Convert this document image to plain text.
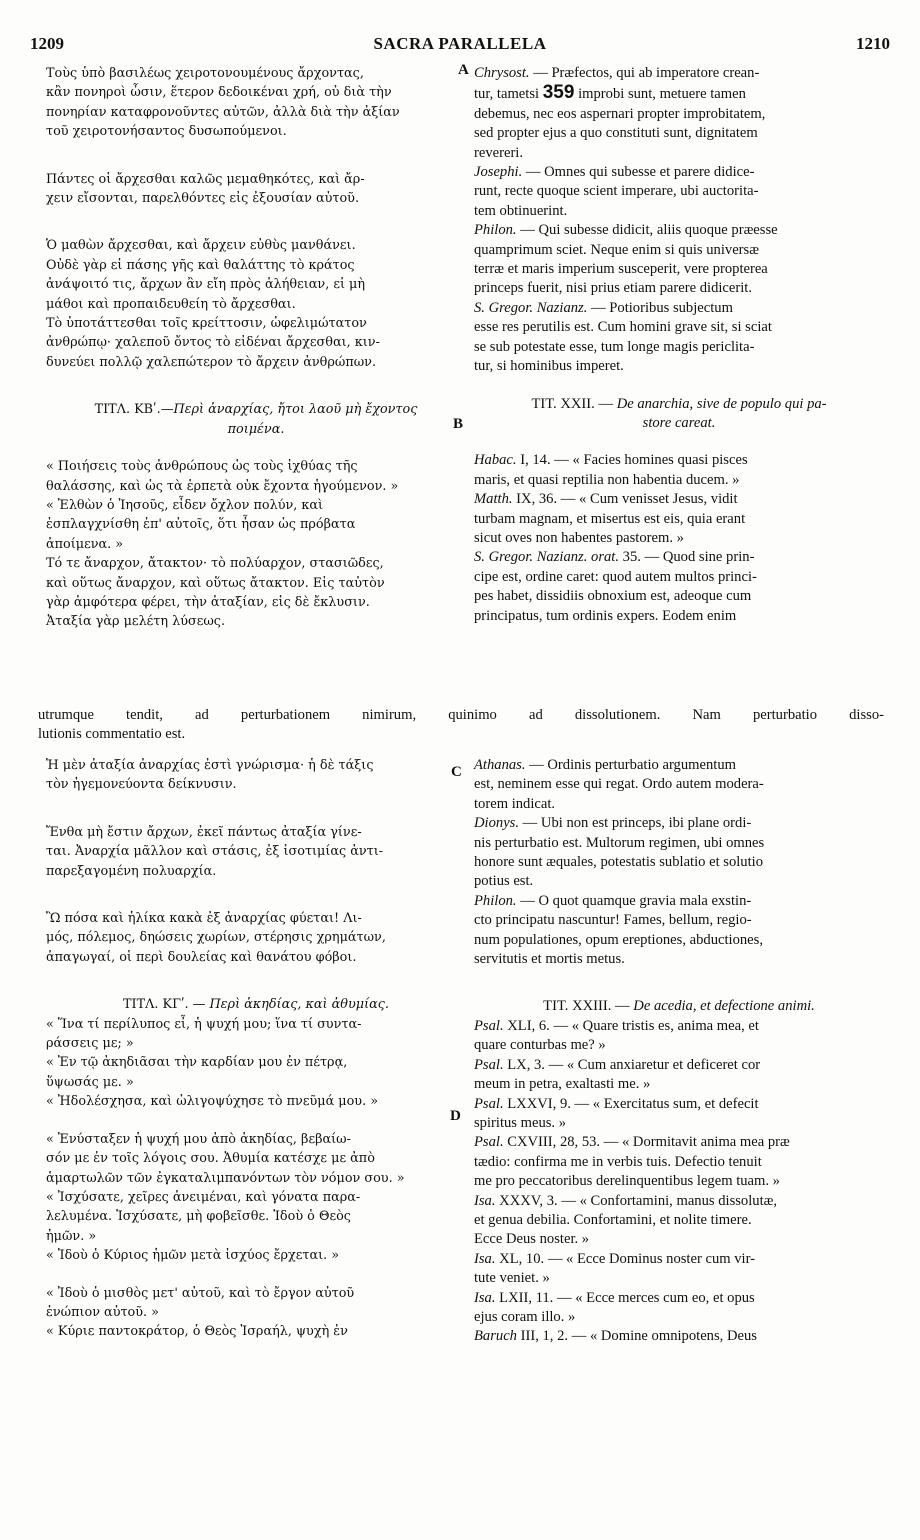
1209	SACRA PARALLELA	1210
A
B
C
D
Τοὺς ὑπὸ βασιλέως χειροτονουμένους ἄρχοντας,
κἂν πονηροὶ ὦσιν, ἕτερον δεδοικέναι χρή, οὐ διὰ τὴν
πονηρίαν καταφρονοῦντες αὐτῶν, ἀλλὰ διὰ τὴν ἀξίαν
τοῦ χειροτονήσαντος δυσωπούμενοι.
Πάντες οἱ ἄρχεσθαι καλῶς μεμαθηκότες, καὶ ἄρ-
χειν εἴσονται, παρελθόντες εἰς ἐξουσίαν αὐτοῦ.
Ὁ μαθὼν ἄρχεσθαι, καὶ ἄρχειν εὐθὺς μανθάνει.
Οὐδὲ γὰρ εἰ πάσης γῆς καὶ θαλάττης τὸ κράτος
ἀνάψοιτό τις, ἄρχων ἂν εἴη πρὸς ἀλήθειαν, εἰ μὴ
μάθοι καὶ προπαιδευθείη τὸ ἄρχεσθαι.
Τὸ ὑποτάττεσθαι τοῖς κρείττοσιν, ὠφελιμώτατον
ἀνθρώπῳ· χαλεποῦ ὄντος τὸ εἰδέναι ἄρχεσθαι, κιν-
δυνεύει πολλῷ χαλεπώτερον τὸ ἄρχειν ἀνθρώπων.
ΤΙΤΛ. ΚΒʹ.—Περὶ ἀναρχίας, ἤτοι λαοῦ μὴ ἔχοντος
ποιμένα.
« Ποιήσεις τοὺς ἀνθρώπους ὡς τοὺς ἰχθύας τῆς
θαλάσσης, καὶ ὡς τὰ ἑρπετὰ οὐκ ἔχοντα ἡγούμενον. »
« Ἐλθὼν ὁ Ἰησοῦς, εἶδεν ὄχλον πολύν, καὶ
ἐσπλαγχνίσθη ἐπ' αὐτοῖς, ὅτι ἦσαν ὡς πρόβατα
ἀποίμενα. »
Τό τε ἄναρχον, ἄτακτον· τὸ πολύαρχον, στασιῶδες,
καὶ οὕτως ἄναρχον, καὶ οὕτως ἄτακτον. Εἰς ταὐτὸν
γὰρ ἀμφότερα φέρει, τὴν ἀταξίαν, εἰς δὲ ἔκλυσιν.
Ἀταξία γὰρ μελέτη λύσεως.
Chrysost. — Præfectos, qui ab imperatore crean-
tur, tametsi 359 improbi sunt, metuere tamen
debemus, nec eos aspernari propter improbitatem,
sed propter ejus a quo constituti sunt, dignitatem
revereri.
Josephi. — Omnes qui subesse et parere didice-
runt, recte quoque scient imperare, ubi auctorita-
tem obtinuerint.
Philon. — Qui subesse didicit, aliis quoque præesse
quamprimum sciet. Neque enim si quis universæ
terræ et maris imperium susceperit, vere propterea
princeps fuerit, nisi prius etiam parere didicerit.
S. Gregor. Nazianz. — Potioribus subjectum
esse res perutilis est. Cum homini grave sit, si sciat
se sub potestate esse, tum longe magis periclita-
tur, si hominibus imperet.
TIT. XXII. — De anarchia, sive de populo qui pa-
store careat.
Habac. I, 14. — « Facies homines quasi pisces
maris, et quasi reptilia non habentia ducem. »
Matth. IX, 36. — « Cum venisset Jesus, vidit
turbam magnam, et misertus est eis, quia erant
sicut oves non habentes pastorem. »
S. Gregor. Nazianz. orat. 35. — Quod sine prin-
cipe est, ordine caret: quod autem multos princi-
pes habet, dissidiis obnoxium est, adeoque cum
principatus, tum ordinis expers. Eodem enim
utrumque tendit, ad perturbationem nimirum, quinimo ad dissolutionem. Nam perturbatio disso-
lutionis commentatio est.
Ἡ μὲν ἀταξία ἀναρχίας ἐστὶ γνώρισμα· ἡ δὲ τάξις
τὸν ἡγεμονεύοντα δείκνυσιν.
Ἔνθα μὴ ἔστιν ἄρχων, ἐκεῖ πάντως ἀταξία γίνε-
ται. Ἀναρχία μᾶλλον καὶ στάσις, ἐξ ἰσοτιμίας ἀντι-
παρεξαγομένη πολυαρχία.
Ὢ πόσα καὶ ἡλίκα κακὰ ἐξ ἀναρχίας φύεται! Λι-
μός, πόλεμος, δηώσεις χωρίων, στέρησις χρημάτων,
ἀπαγωγαί, οἱ περὶ δουλείας καὶ θανάτου φόβοι.
ΤΙΤΛ. ΚΓʹ. — Περὶ ἀκηδίας, καὶ ἀθυμίας.
« Ἵνα τί περίλυπος εἶ, ἡ ψυχή μου; ἵνα τί συντα-
ράσσεις με; »
« Ἐν τῷ ἀκηδιᾶσαι τὴν καρδίαν μου ἐν πέτρᾳ,
ὕψωσάς με. »
« Ἠδολέσχησα, καὶ ὠλιγοψύχησε τὸ πνεῦμά μου. »
« Ἐνύσταξεν ἡ ψυχή μου ἀπὸ ἀκηδίας, βεβαίω-
σόν με ἐν τοῖς λόγοις σου. Ἀθυμία κατέσχε με ἀπὸ
ἁμαρτωλῶν τῶν ἐγκαταλιμπανόντων τὸν νόμον σου. »
« Ἰσχύσατε, χεῖρες ἀνειμέναι, καὶ γόνατα παρα-
λελυμένα. Ἰσχύσατε, μὴ φοβεῖσθε. Ἰδοὺ ὁ Θεὸς
ἡμῶν. »
« Ἰδοὺ ὁ Κύριος ἡμῶν μετὰ ἰσχύος ἔρχεται. »
« Ἰδοὺ ὁ μισθὸς μετ' αὐτοῦ, καὶ τὸ ἔργον αὐτοῦ
ἐνώπιον αὐτοῦ. »
« Κύριε παντοκράτορ, ὁ Θεὸς Ἰσραήλ, ψυχὴ ἐν
Athanas. — Ordinis perturbatio argumentum
est, neminem esse qui regat. Ordo autem modera-
torem indicat.
Dionys. — Ubi non est princeps, ibi plane ordi-
nis perturbatio est. Multorum regimen, ubi omnes
honore sunt æquales, potestatis sublatio et solutio
potius est.
Philon. — O quot quamque gravia mala exstin-
cto principatu nascuntur! Fames, bellum, regio-
num populationes, opum ereptiones, abductiones,
servitutis et mortis metus.
TIT. XXIII. — De acedia, et defectione animi.
Psal. XLI, 6. — « Quare tristis es, anima mea, et
quare conturbas me? »
Psal. LX, 3. — « Cum anxiaretur et deficeret cor
meum in petra, exaltasti me. »
Psal. LXXVI, 9. — « Exercitatus sum, et defecit
spiritus meus. »
Psal. CXVIII, 28, 53. — « Dormitavit anima mea præ
tædio: confirma me in verbis tuis. Defectio tenuit
me pro peccatoribus derelinquentibus legem tuam. »
Isa. XXXV, 3. — « Confortamini, manus dissolutæ,
et genua debilia. Confortamini, et nolite timere.
Ecce Deus noster. »
Isa. XL, 10. — « Ecce Dominus noster cum vir-
tute veniet. »
Isa. LXII, 11. — « Ecce merces cum eo, et opus
ejus coram illo. »
Baruch III, 1, 2. — « Domine omnipotens, Deus
